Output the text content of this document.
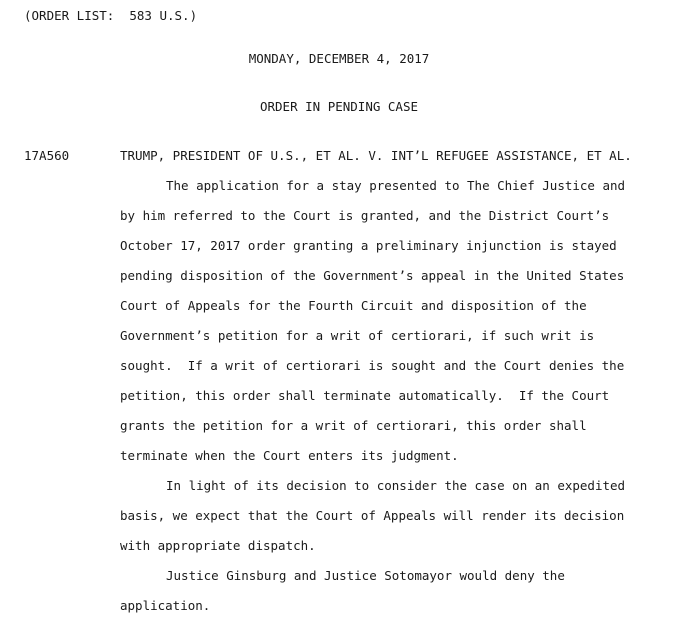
(ORDER LIST:  583 U.S.)
MONDAY, DECEMBER 4, 2017
ORDER IN PENDING CASE
17A560	TRUMP, PRESIDENT OF U.S., ET AL. V. INT’L REFUGEE ASSISTANCE, ET AL.
The application for a stay presented to The Chief Justice and
by him referred to the Court is granted, and the District Court’s
October 17, 2017 order granting a preliminary injunction is stayed
pending disposition of the Government’s appeal in the United States
Court of Appeals for the Fourth Circuit and disposition of the
Government’s petition for a writ of certiorari, if such writ is
sought.  If a writ of certiorari is sought and the Court denies the
petition, this order shall terminate automatically.  If the Court
grants the petition for a writ of certiorari, this order shall
terminate when the Court enters its judgment.
In light of its decision to consider the case on an expedited
basis, we expect that the Court of Appeals will render its decision
with appropriate dispatch.
Justice Ginsburg and Justice Sotomayor would deny the
application.
